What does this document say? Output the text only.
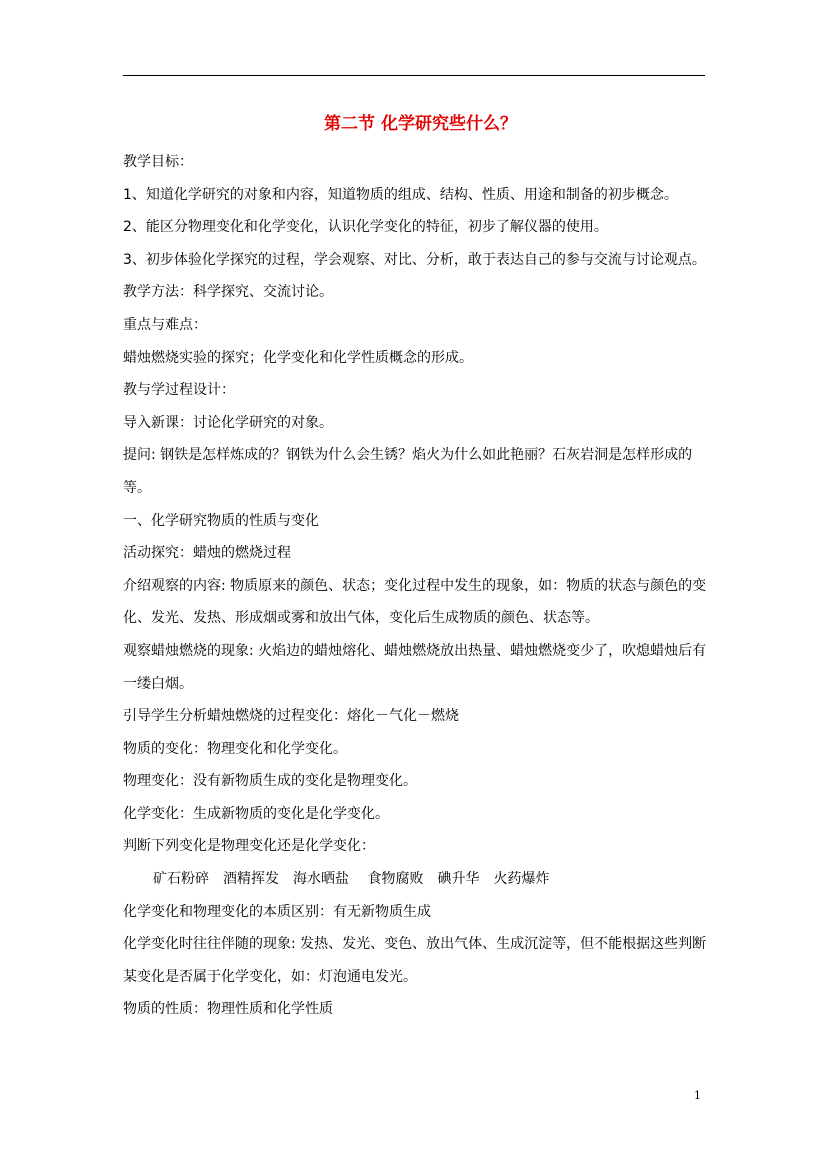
第二节 化学研究些什么？

教学目标：

1、知道化学研究的对象和内容，知道物质的组成、结构、性质、用途和制备的初步概念。

2、能区分物理变化和化学变化，认识化学变化的特征，初步了解仪器的使用。

3、初步体验化学探究的过程，学会观察、对比、分析，敢于表达自己的参与交流与讨论观点。

教学方法：科学探究、交流讨论。

重点与难点：

蜡烛燃烧实验的探究；化学变化和化学性质概念的形成。

教与学过程设计：

导入新课：讨论化学研究的对象。

提问: 钢铁是怎样炼成的？钢铁为什么会生锈？焰火为什么如此艳丽？石灰岩洞是怎样形成的等。

一、化学研究物质的性质与变化

活动探究：蜡烛的燃烧过程

介绍观察的内容: 物质原来的颜色、状态；变化过程中发生的现象，如：物质的状态与颜色的变化、发光、发热、形成烟或雾和放出气体，变化后生成物质的颜色、状态等。

观察蜡烛燃烧的现象: 火焰边的蜡烛熔化、蜡烛燃烧放出热量、蜡烛燃烧变少了，吹熄蜡烛后有一缕白烟。

引导学生分析蜡烛燃烧的过程变化：熔化－气化－燃烧

物质的变化：物理变化和化学变化。

物理变化：没有新物质生成的变化是物理变化。

化学变化：生成新物质的变化是化学变化。

判断下列变化是物理变化还是化学变化：

矿石粉碎　酒精挥发　海水晒盐　 食物腐败　碘升华　火药爆炸

化学变化和物理变化的本质区别：有无新物质生成

化学变化时往往伴随的现象: 发热、发光、变色、放出气体、生成沉淀等，但不能根据这些判断某变化是否属于化学变化，如：灯泡通电发光。

物质的性质：物理性质和化学性质

1
